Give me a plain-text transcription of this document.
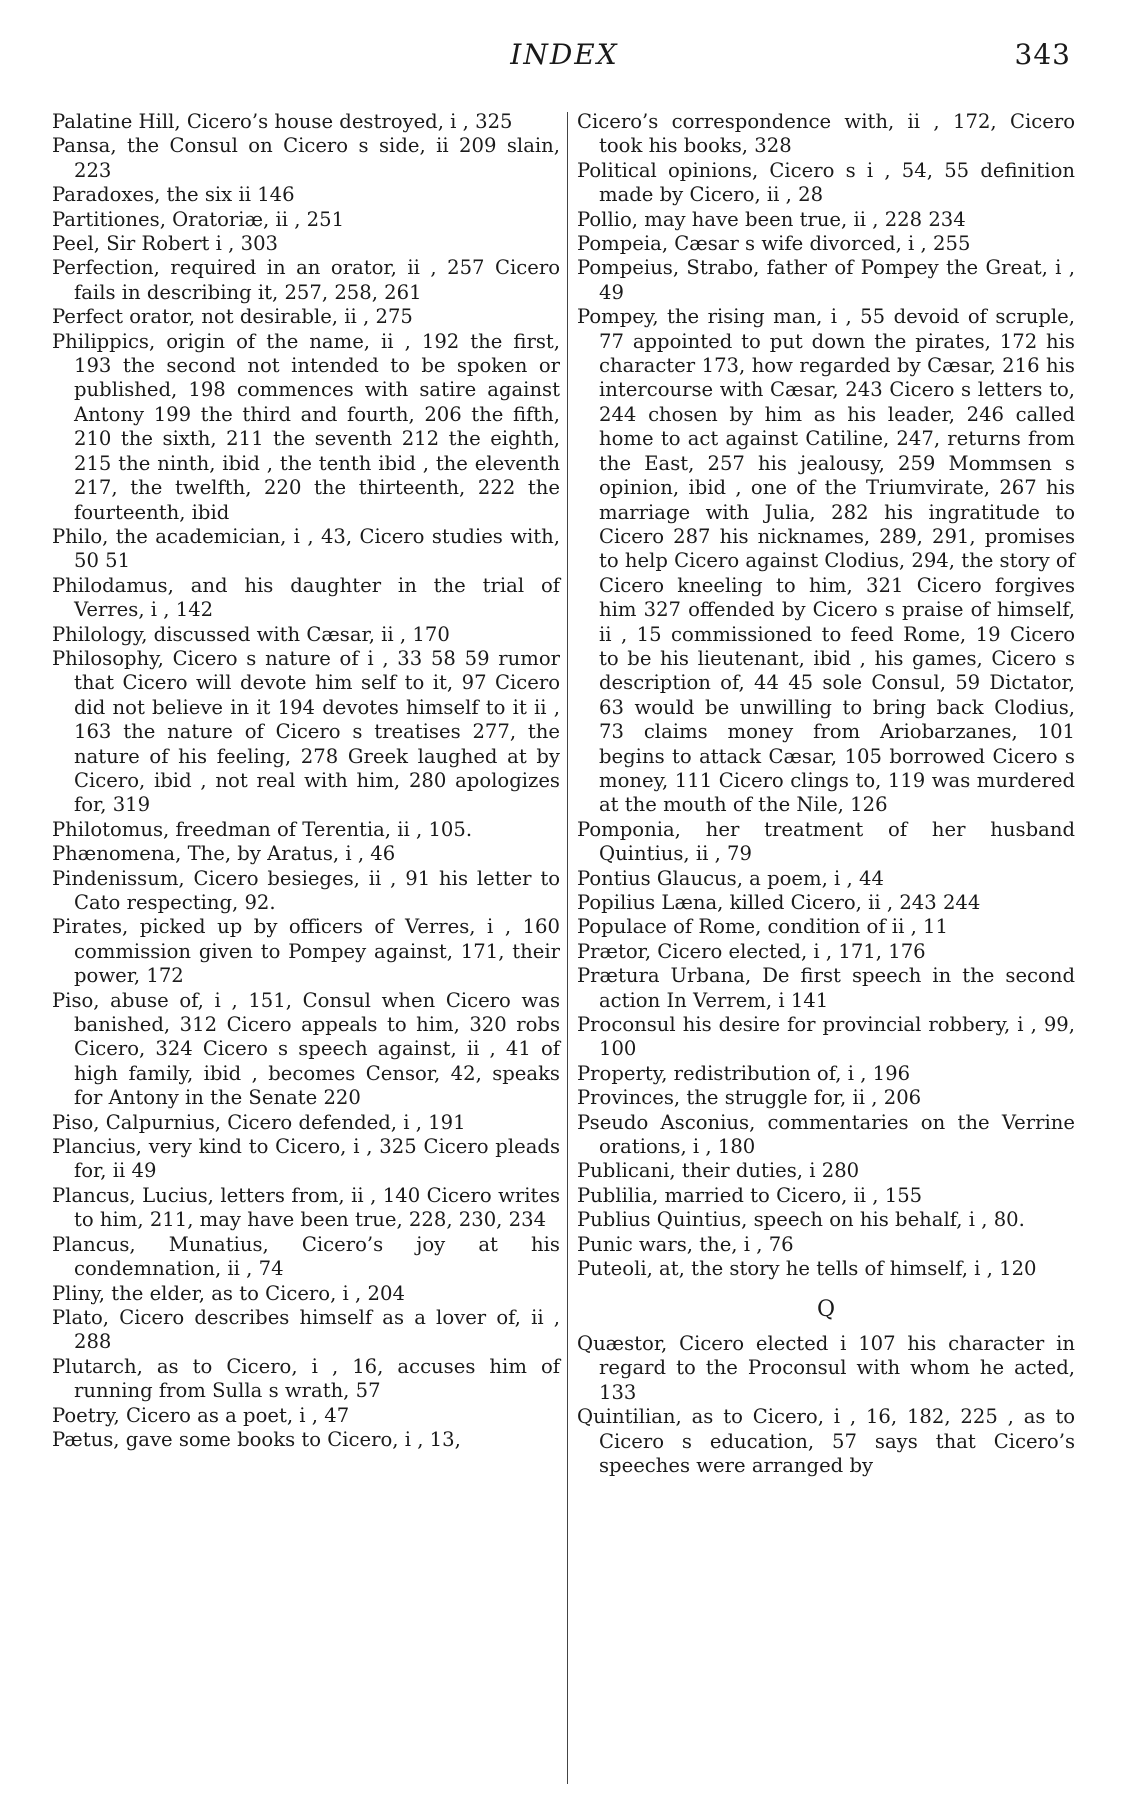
INDEX	343

Palatine Hill, Cicero’s house destroyed, i , 325

Pansa, the Consul on Cicero s side, ii 209 slain, 223

Paradoxes, the six ii 146

Partitiones, Oratoriæ, ii , 251

Peel, Sir Robert i , 303

Perfection, required in an orator, ii , 257 Cicero fails in describing it, 257, 258, 261

Perfect orator, not desirable, ii , 275

Philippics, origin of the name, ii , 192 the first, 193 the second not intended to be spoken or published, 198 commences with satire against Antony 199 the third and fourth, 206 the fifth, 210 the sixth, 211 the seventh 212 the eighth, 215 the ninth, ibid , the tenth ibid , the eleventh 217, the twelfth, 220 the thirteenth, 222 the fourteenth, ibid

Philo, the academician, i , 43, Cicero studies with, 50 51

Philodamus, and his daughter in the trial of Verres, i , 142

Philology, discussed with Cæsar, ii , 170

Philosophy, Cicero s nature of i , 33 58 59 rumor that Cicero will devote him self to it, 97 Cicero did not believe in it 194 devotes himself to it ii , 163 the nature of Cicero s treatises 277, the nature of his feeling, 278 Greek laughed at by Cicero, ibid , not real with him, 280 apologizes for, 319

Philotomus, freedman of Terentia, ii , 105.

Phænomena, The, by Aratus, i , 46

Pindenissum, Cicero besieges, ii , 91 his letter to Cato respecting, 92.

Pirates, picked up by officers of Verres, i , 160 commission given to Pompey against, 171, their power, 172

Piso, abuse of, i , 151, Consul when Cicero was banished, 312 Cicero appeals to him, 320 robs Cicero, 324 Cicero s speech against, ii , 41 of high family, ibid , becomes Censor, 42, speaks for Antony in the Senate 220

Piso, Calpurnius, Cicero defended, i , 191

Plancius, very kind to Cicero, i , 325 Cicero pleads for, ii 49

Plancus, Lucius, letters from, ii , 140 Cicero writes to him, 211, may have been true, 228, 230, 234

Plancus, Munatius, Cicero’s joy at his condemnation, ii , 74

Pliny, the elder, as to Cicero, i , 204

Plato, Cicero describes himself as a lover of, ii , 288

Plutarch, as to Cicero, i , 16, accuses him of running from Sulla s wrath, 57

Poetry, Cicero as a poet, i , 47

Pætus, gave some books to Cicero, i , 13,

Cicero’s correspondence with, ii , 172, Cicero took his books, 328

Political opinions, Cicero s i , 54, 55 definition made by Cicero, ii , 28

Pollio, may have been true, ii , 228 234

Pompeia, Cæsar s wife divorced, i , 255

Pompeius, Strabo, father of Pompey the Great, i , 49

Pompey, the rising man, i , 55 devoid of scruple, 77 appointed to put down the pirates, 172 his character 173, how regarded by Cæsar, 216 his intercourse with Cæsar, 243 Cicero s letters to, 244 chosen by him as his leader, 246 called home to act against Catiline, 247, returns from the East, 257 his jealousy, 259 Mommsen s opinion, ibid , one of the Triumvirate, 267 his marriage with Julia, 282 his ingratitude to Cicero 287 his nicknames, 289, 291, promises to help Cicero against Clodius, 294, the story of Cicero kneeling to him, 321 Cicero forgives him 327 offended by Cicero s praise of himself, ii , 15 commissioned to feed Rome, 19 Cicero to be his lieutenant, ibid , his games, Cicero s description of, 44 45 sole Consul, 59 Dictator, 63 would be unwilling to bring back Clodius, 73 claims money from Ariobarzanes, 101 begins to attack Cæsar, 105 borrowed Cicero s money, 111 Cicero clings to, 119 was murdered at the mouth of the Nile, 126

Pomponia, her treatment of her husband Quintius, ii , 79

Pontius Glaucus, a poem, i , 44

Popilius Læna, killed Cicero, ii , 243 244

Populace of Rome, condition of ii , 11

Prætor, Cicero elected, i , 171, 176

Prætura Urbana, De first speech in the second action In Verrem, i 141

Proconsul his desire for provincial robbery, i , 99, 100

Property, redistribution of, i , 196

Provinces, the struggle for, ii , 206

Pseudo Asconius, commentaries on the Verrine orations, i , 180

Publicani, their duties, i 280

Publilia, married to Cicero, ii , 155

Publius Quintius, speech on his behalf, i , 80.

Punic wars, the, i , 76

Puteoli, at, the story he tells of himself, i , 120

Q

Quæstor, Cicero elected i 107 his character in regard to the Proconsul with whom he acted, 133

Quintilian, as to Cicero, i , 16, 182, 225 , as to Cicero s education, 57 says that Cicero’s speeches were arranged by
